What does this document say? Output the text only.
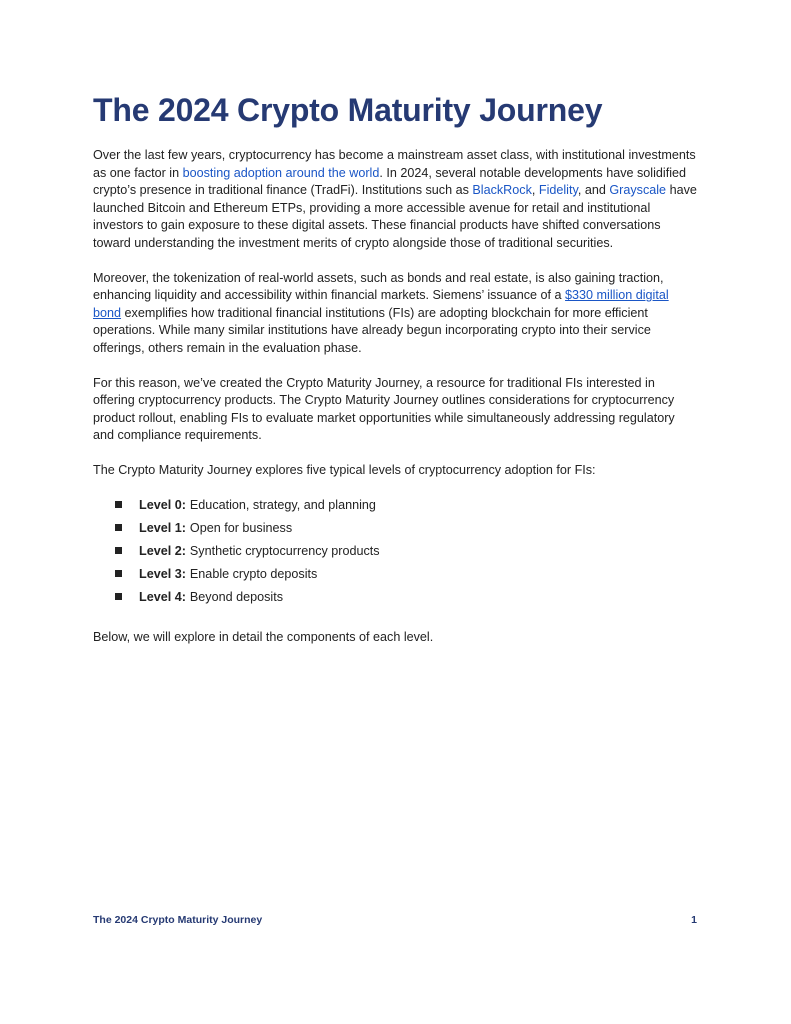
The 2024 Crypto Maturity Journey

Over the last few years, cryptocurrency has become a mainstream asset class, with institutional investments as one factor in boosting adoption around the world. In 2024, several notable developments have solidified crypto’s presence in traditional finance (TradFi). Institutions such as BlackRock, Fidelity, and Grayscale have launched Bitcoin and Ethereum ETPs, providing a more accessible avenue for retail and institutional investors to gain exposure to these digital assets. These financial products have shifted conversations toward understanding the investment merits of crypto alongside those of traditional securities.

Moreover, the tokenization of real-world assets, such as bonds and real estate, is also gaining traction, enhancing liquidity and accessibility within financial markets. Siemens’ issuance of a $330 million digital bond exemplifies how traditional financial institutions (FIs) are adopting blockchain for more efficient operations. While many similar institutions have already begun incorporating crypto into their service offerings, others remain in the evaluation phase.

For this reason, we’ve created the Crypto Maturity Journey, a resource for traditional FIs interested in offering cryptocurrency products. The Crypto Maturity Journey outlines considerations for cryptocurrency product rollout, enabling FIs to evaluate market opportunities while simultaneously addressing regulatory and compliance requirements.

The Crypto Maturity Journey explores five typical levels of cryptocurrency adoption for FIs:

Level 0: Education, strategy, and planning
Level 1: Open for business
Level 2: Synthetic cryptocurrency products
Level 3: Enable crypto deposits
Level 4: Beyond deposits

Below, we will explore in detail the components of each level.

The 2024 Crypto Maturity Journey	1
